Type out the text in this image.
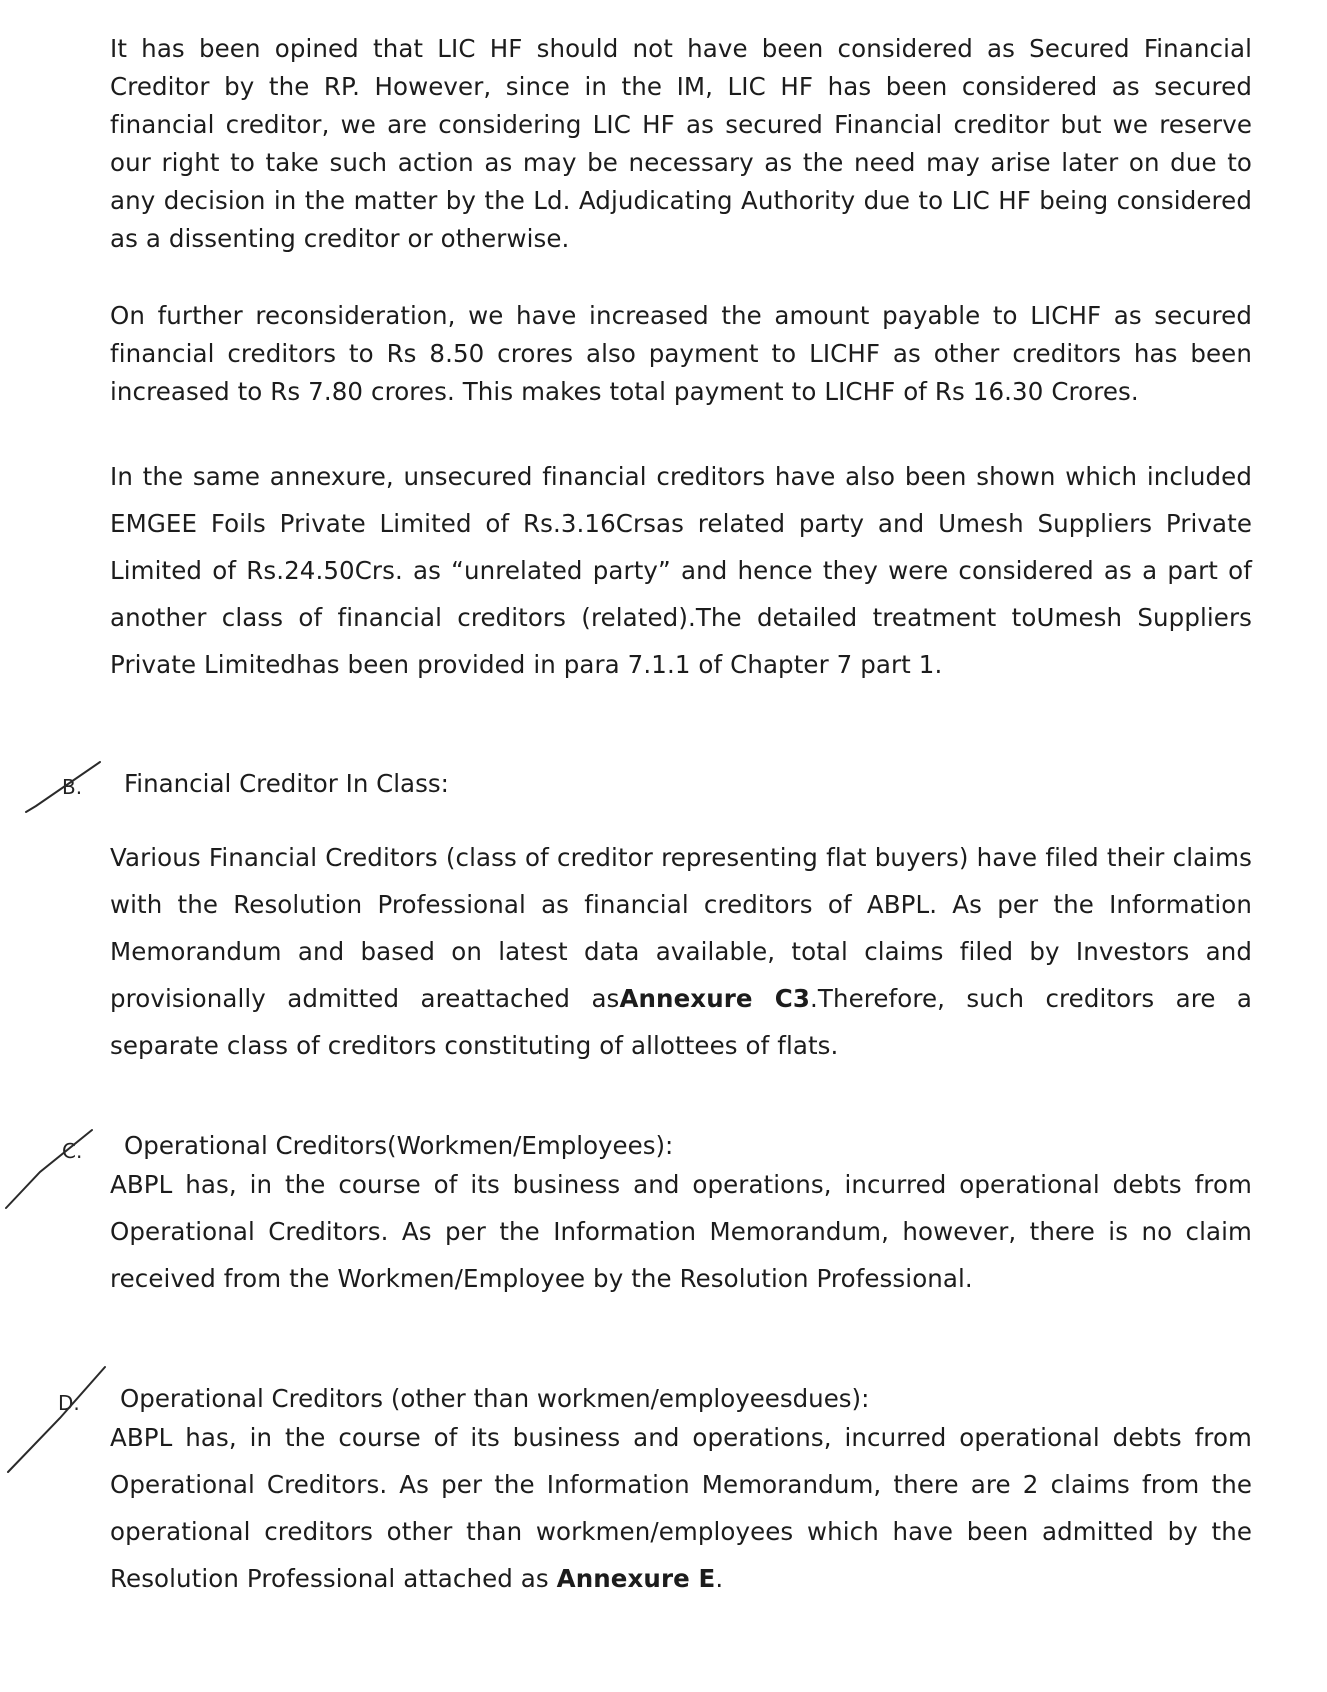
It has been opined that LIC HF should not have been considered as Secured Financial Creditor by the RP. However, since in the IM, LIC HF has been considered as secured financial creditor, we are considering LIC HF as secured Financial creditor but we reserve our right to take such action as may be necessary as the need may arise later on due to any decision in the matter by the Ld. Adjudicating Authority due to LIC HF being considered as a dissenting creditor or otherwise.

On further reconsideration, we have increased the amount payable to LICHF as secured financial creditors to Rs 8.50 crores also payment to LICHF as other creditors has been increased to Rs 7.80 crores. This makes total payment to LICHF of Rs 16.30 Crores.

In the same annexure, unsecured financial creditors have also been shown which included EMGEE Foils Private Limited of Rs.3.16Crsas related party and Umesh Suppliers Private Limited of Rs.24.50Crs. as “unrelated party” and hence they were considered as a part of another class of financial creditors (related).The detailed treatment toUmesh Suppliers Private Limitedhas been provided in para 7.1.1 of Chapter 7 part 1.

B. Financial Creditor In Class:

Various Financial Creditors (class of creditor representing flat buyers) have filed their claims with the Resolution Professional as financial creditors of ABPL. As per the Information Memorandum and based on latest data available, total claims filed by Investors and provisionally admitted areattached asAnnexure C3.Therefore, such creditors are a separate class of creditors constituting of allottees of flats.

C. Operational Creditors(Workmen/Employees):

ABPL has, in the course of its business and operations, incurred operational debts from Operational Creditors. As per the Information Memorandum, however, there is no claim received from the Workmen/Employee by the Resolution Professional.

D. Operational Creditors (other than workmen/employeesdues):

ABPL has, in the course of its business and operations, incurred operational debts from Operational Creditors. As per the Information Memorandum, there are 2 claims from the operational creditors other than workmen/employees which have been admitted by the Resolution Professional attached as Annexure E.
